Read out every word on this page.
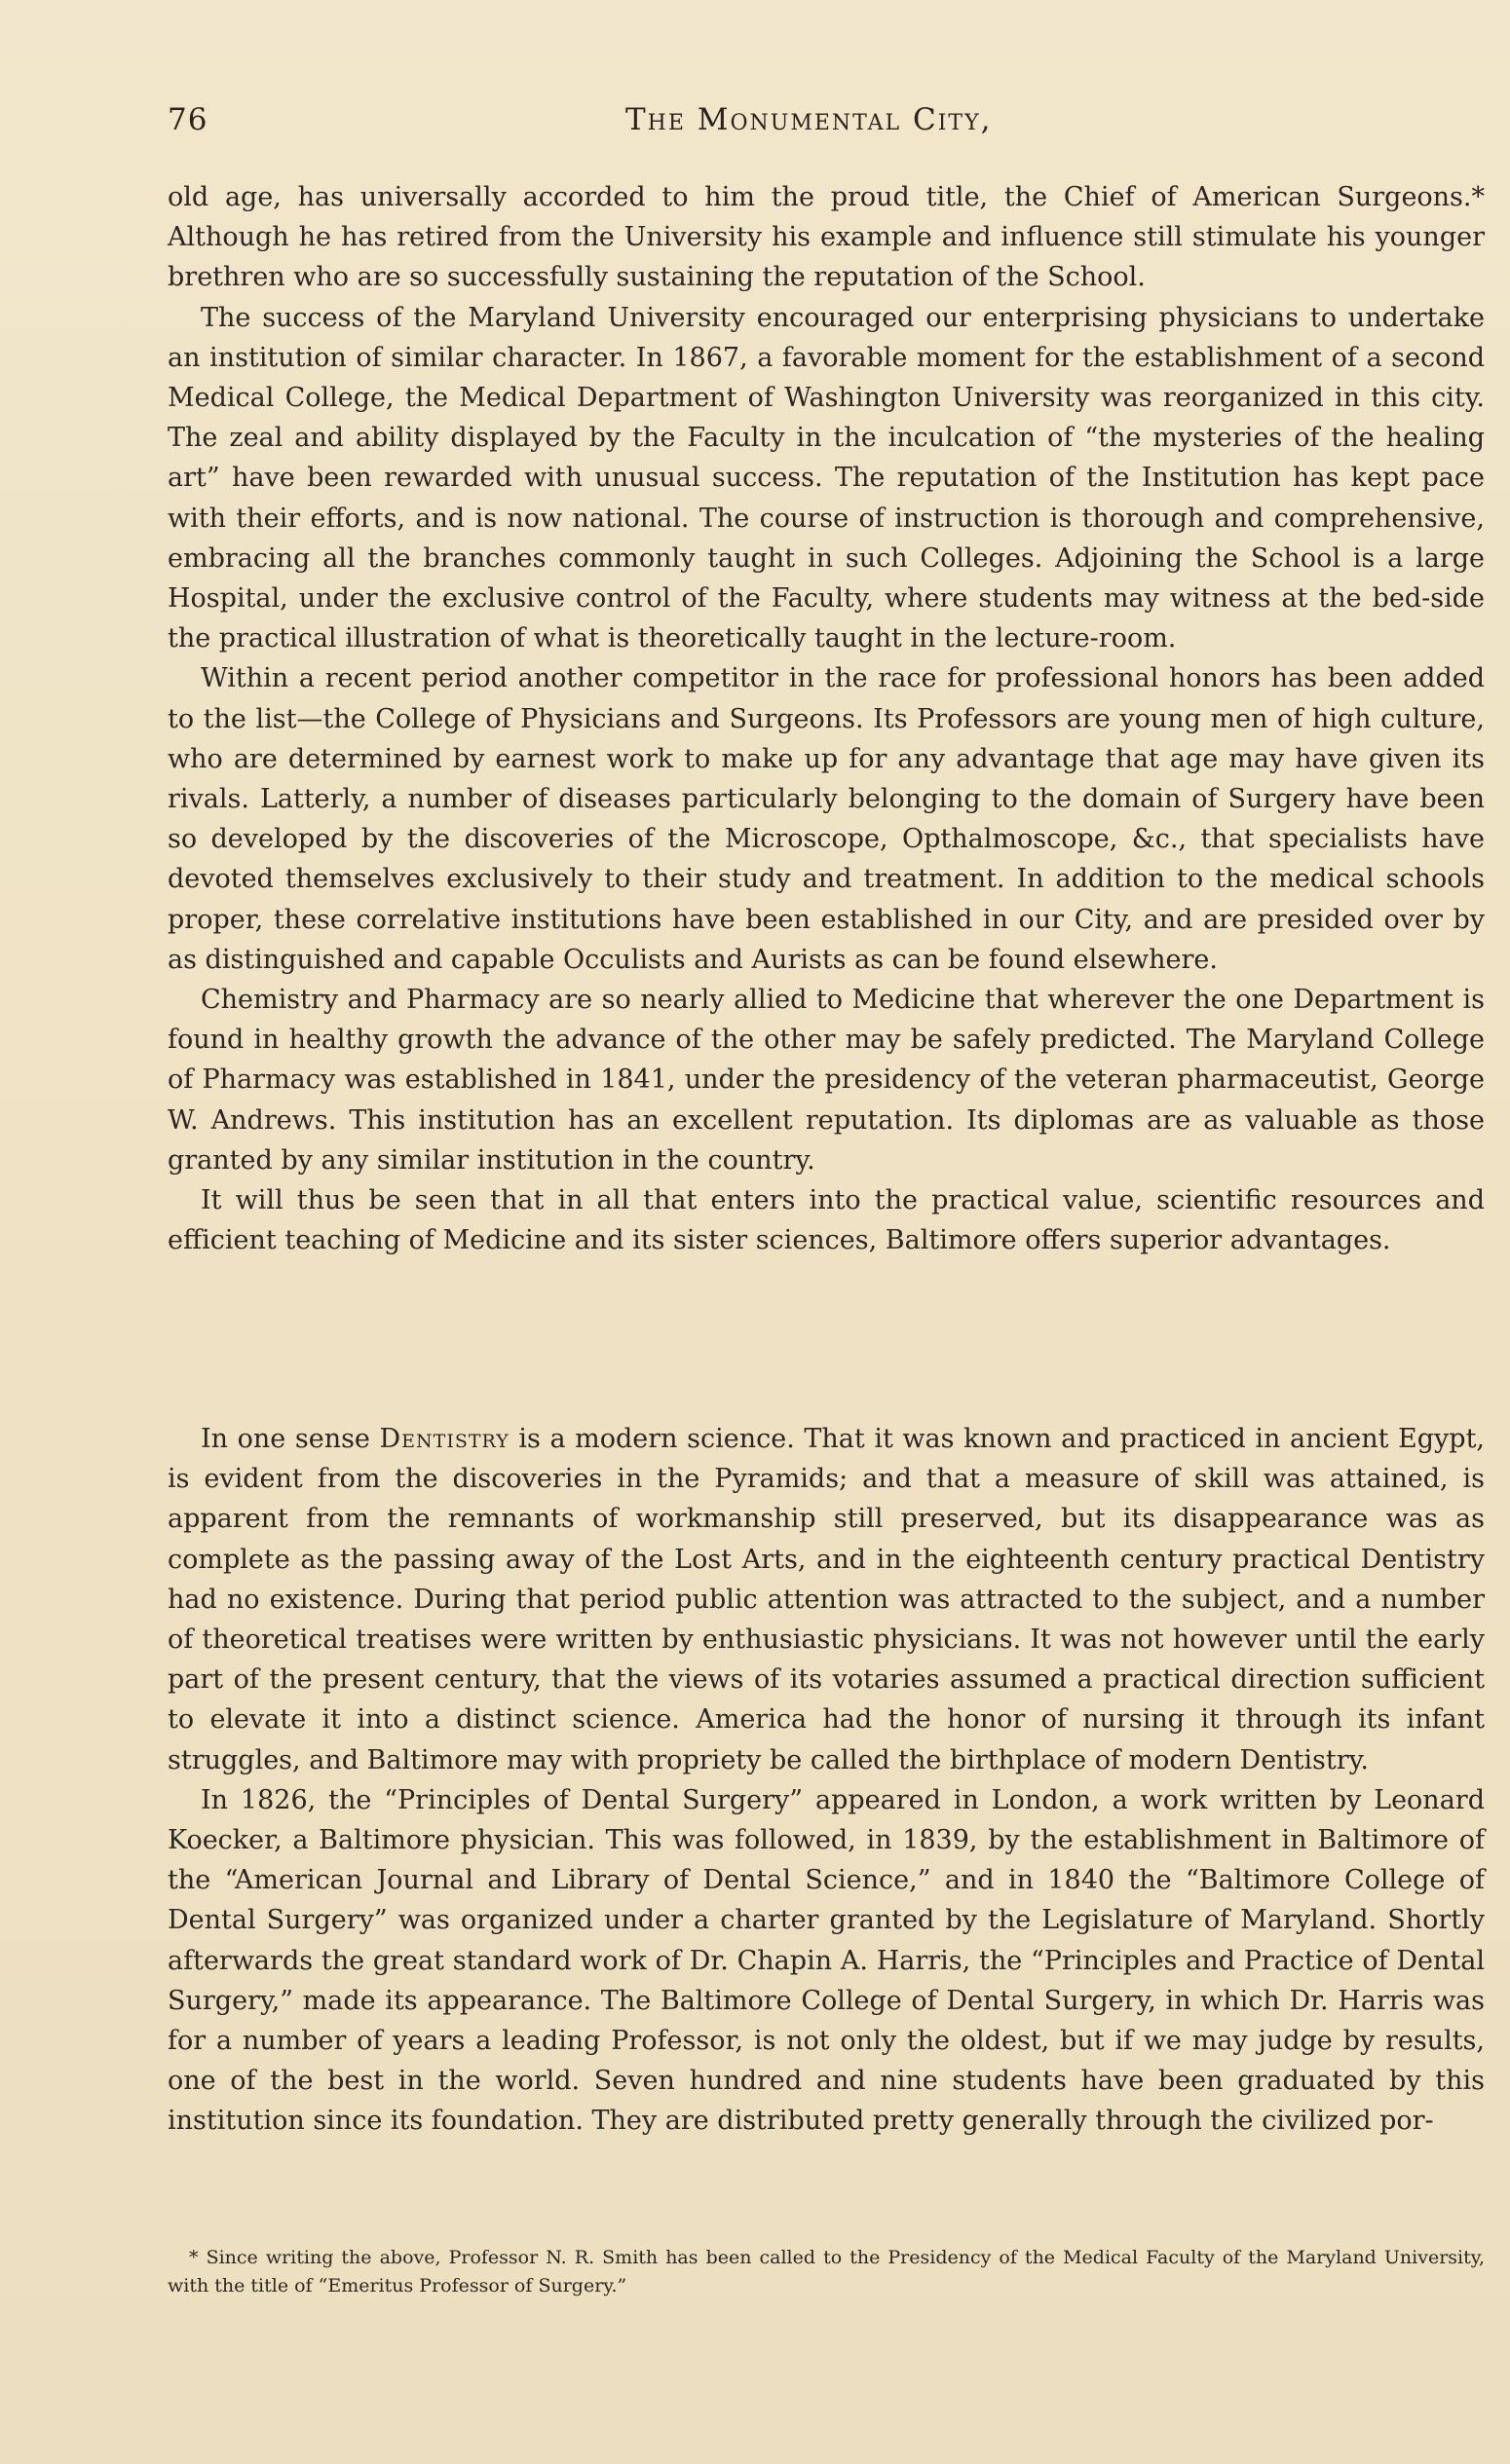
76	The Monumental City,

old age, has universally accorded to him the proud title, the Chief of American Surgeons.* Although he has retired from the University his example and influence still stimulate his younger brethren who are so successfully sustaining the reputation of the School.

The success of the Maryland University encouraged our enterprising physicians to undertake an institution of similar character. In 1867, a favorable moment for the establishment of a second Medical College, the Medical Department of Washington University was reorganized in this city. The zeal and ability displayed by the Faculty in the inculcation of “the mysteries of the healing art” have been rewarded with unusual success. The reputation of the Institution has kept pace with their efforts, and is now national. The course of instruction is thorough and comprehensive, embracing all the branches commonly taught in such Colleges. Adjoining the School is a large Hospital, under the exclusive control of the Faculty, where students may witness at the bed-side the practical illustration of what is theoretically taught in the lecture-room.

Within a recent period another competitor in the race for professional honors has been added to the list—the College of Physicians and Surgeons. Its Professors are young men of high culture, who are determined by earnest work to make up for any advantage that age may have given its rivals. Latterly, a number of diseases particularly belonging to the domain of Surgery have been so developed by the discoveries of the Microscope, Opthalmoscope, &c., that specialists have devoted themselves exclusively to their study and treatment. In addition to the medical schools proper, these correlative institutions have been established in our City, and are presided over by as distinguished and capable Occulists and Aurists as can be found elsewhere.

Chemistry and Pharmacy are so nearly allied to Medicine that wherever the one Department is found in healthy growth the advance of the other may be safely predicted. The Maryland College of Pharmacy was established in 1841, under the presidency of the veteran pharmaceutist, George W. Andrews. This institution has an excellent reputation. Its diplomas are as valuable as those granted by any similar institution in the country.

It will thus be seen that in all that enters into the practical value, scientific resources and efficient teaching of Medicine and its sister sciences, Baltimore offers superior advantages.

In one sense Dentistry is a modern science. That it was known and practiced in ancient Egypt, is evident from the discoveries in the Pyramids; and that a measure of skill was attained, is apparent from the remnants of workmanship still preserved, but its disappearance was as complete as the passing away of the Lost Arts, and in the eighteenth century practical Dentistry had no existence. During that period public attention was attracted to the subject, and a number of theoretical treatises were written by enthusiastic physicians. It was not however until the early part of the present century, that the views of its votaries assumed a practical direction sufficient to elevate it into a distinct science. America had the honor of nursing it through its infant struggles, and Baltimore may with propriety be called the birthplace of modern Dentistry.

In 1826, the “Principles of Dental Surgery” appeared in London, a work written by Leonard Koecker, a Baltimore physician. This was followed, in 1839, by the establishment in Baltimore of the “American Journal and Library of Dental Science,” and in 1840 the “Baltimore College of Dental Surgery” was organized under a charter granted by the Legislature of Maryland. Shortly afterwards the great standard work of Dr. Chapin A. Harris, the “Principles and Practice of Dental Surgery,” made its appearance. The Baltimore College of Dental Surgery, in which Dr. Harris was for a number of years a leading Professor, is not only the oldest, but if we may judge by results, one of the best in the world. Seven hundred and nine students have been graduated by this institution since its foundation. They are distributed pretty generally through the civilized por-

* Since writing the above, Professor N. R. Smith has been called to the Presidency of the Medical Faculty of the Maryland University, with the title of “Emeritus Professor of Surgery.”
